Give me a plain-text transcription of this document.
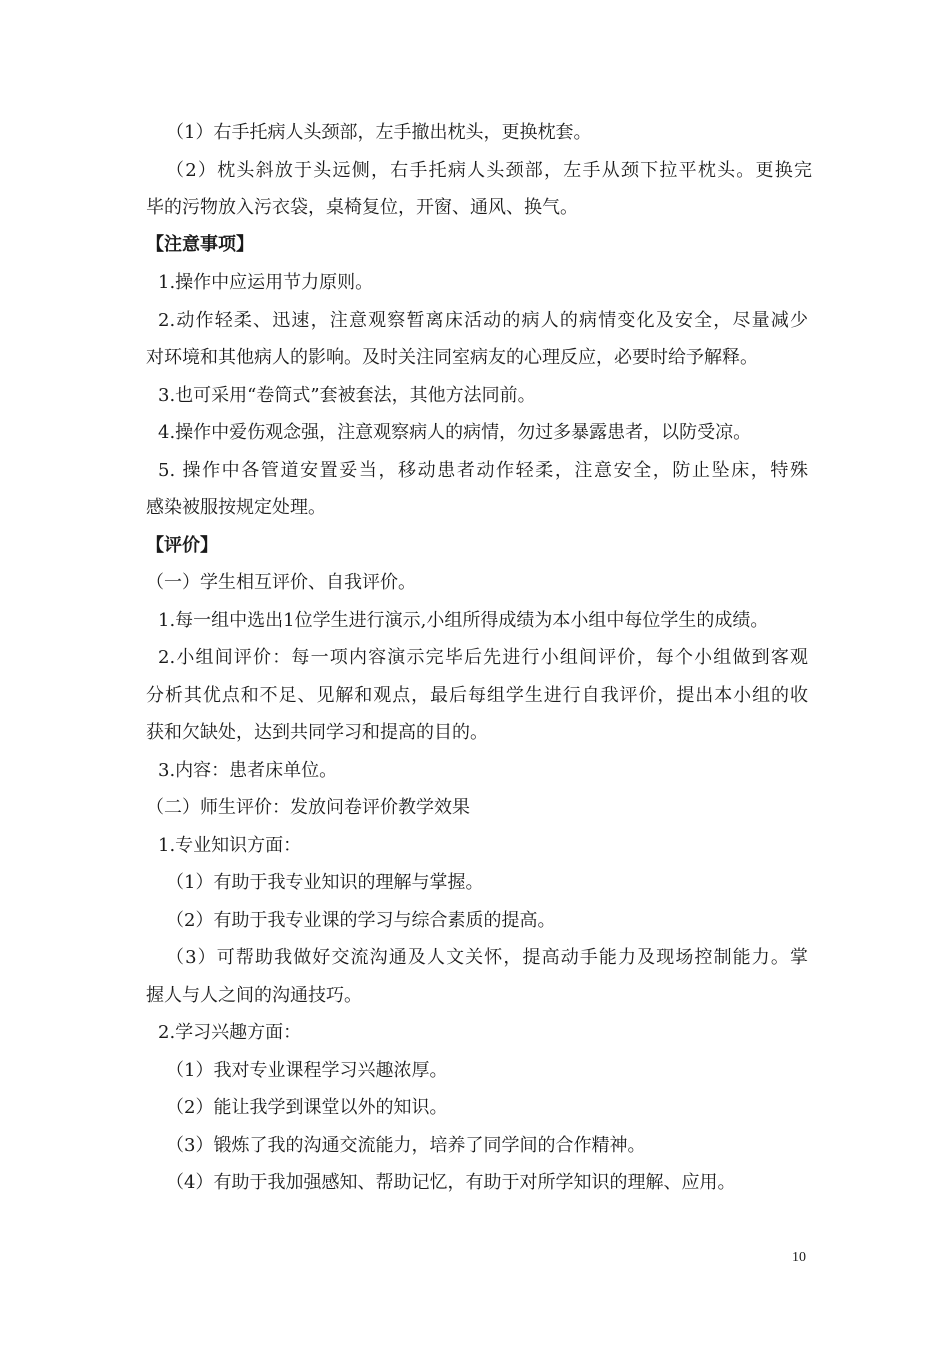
（1）右手托病人头颈部，左手撤出枕头，更换枕套。
（2）枕头斜放于头远侧，右手托病人头颈部，左手从颈下拉平枕头。更换完
毕的污物放入污衣袋，桌椅复位，开窗、通风、换气。
【注意事项】
1.操作中应运用节力原则。
2.动作轻柔、迅速，注意观察暂离床活动的病人的病情变化及安全，尽量减少
对环境和其他病人的影响。及时关注同室病友的心理反应，必要时给予解释。
3.也可采用“卷筒式”套被套法，其他方法同前。
4.操作中爱伤观念强，注意观察病人的病情，勿过多暴露患者，以防受凉。
5. 操作中各管道安置妥当，移动患者动作轻柔，注意安全，防止坠床，特殊
感染被服按规定处理。
【评价】
（一）学生相互评价、自我评价。
1.每一组中选出1位学生进行演示,小组所得成绩为本小组中每位学生的成绩。
2.小组间评价：每一项内容演示完毕后先进行小组间评价，每个小组做到客观
分析其优点和不足、见解和观点，最后每组学生进行自我评价，提出本小组的收
获和欠缺处，达到共同学习和提高的目的。
3.内容：患者床单位。
（二）师生评价：发放问卷评价教学效果
1.专业知识方面：
（1）有助于我专业知识的理解与掌握。
（2）有助于我专业课的学习与综合素质的提高。
（3）可帮助我做好交流沟通及人文关怀，提高动手能力及现场控制能力。掌
握人与人之间的沟通技巧。
2.学习兴趣方面：
（1）我对专业课程学习兴趣浓厚。
（2）能让我学到课堂以外的知识。
（3）锻炼了我的沟通交流能力，培养了同学间的合作精神。
（4）有助于我加强感知、帮助记忆，有助于对所学知识的理解、应用。
10
